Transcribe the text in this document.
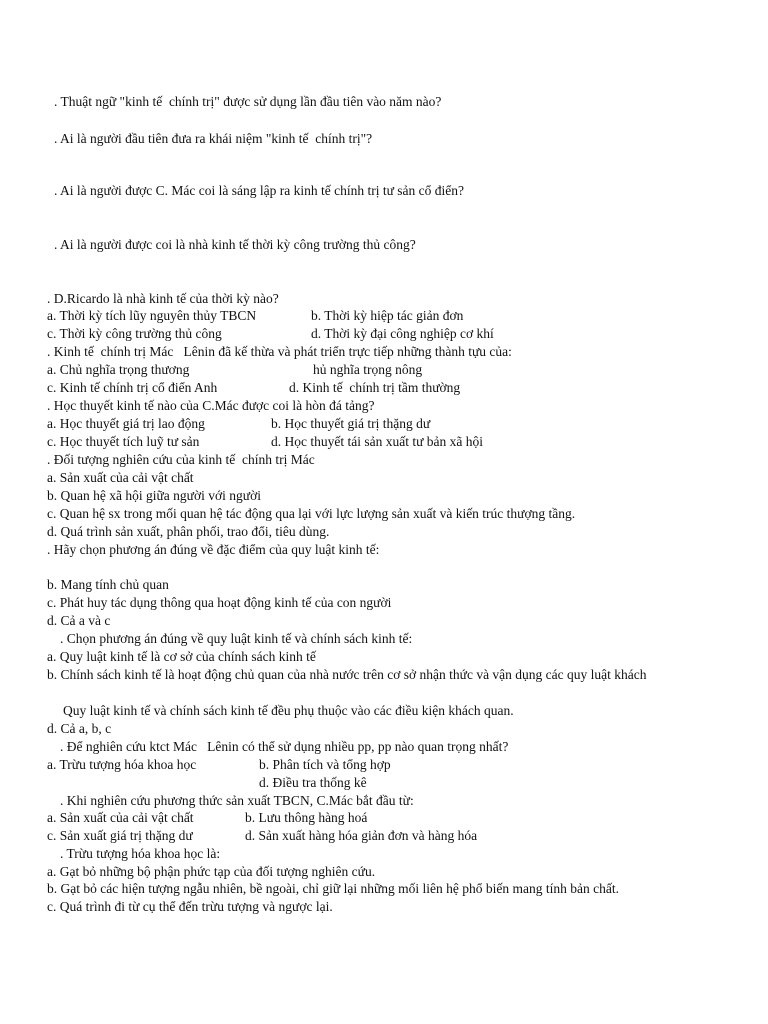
. Thuật ngữ "kinh tế  chính trị" được sử dụng lần đầu tiên vào năm nào?
. Ai là người đầu tiên đưa ra khái niệm "kinh tế  chính trị"?
. Ai là người được C. Mác coi là sáng lập ra kinh tế chính trị tư sản cổ điển?
. Ai là người được coi là nhà kinh tế thời kỳ công trường thủ công?
. D.Ricardo là nhà kinh tế của thời kỳ nào?
a. Thời kỳ tích lũy nguyên thủy TBCN	b. Thời kỳ hiệp tác giản đơn
c. Thời kỳ công trường thủ công	d. Thời kỳ đại công nghiệp cơ khí
. Kinh tế  chính trị Mác   Lênin đã kế thừa và phát triển trực tiếp những thành tựu của:
a. Chủ nghĩa trọng thương	hủ nghĩa trọng nông
c. Kinh tế chính trị cổ điển Anh	d. Kinh tế  chính trị tầm thường
. Học thuyết kinh tế nào của C.Mác được coi là hòn đá tảng?
a. Học thuyết giá trị lao động	b. Học thuyết giá trị thặng dư
c. Học thuyết tích luỹ tư sản	d. Học thuyết tái sản xuất tư bản xã hội
. Đối tượng nghiên cứu của kinh tế  chính trị Mác
a. Sản xuất của cải vật chất
b. Quan hệ xã hội giữa người với người
c. Quan hệ sx trong mối quan hệ tác động qua lại với lực lượng sản xuất và kiến trúc thượng tầng.
d. Quá trình sản xuất, phân phối, trao đổi, tiêu dùng.
. Hãy chọn phương án đúng về đặc điểm của quy luật kinh tế:
b. Mang tính chủ quan
c. Phát huy tác dụng thông qua hoạt động kinh tế của con người
d. Cả a và c
. Chọn phương án đúng về quy luật kinh tế và chính sách kinh tế:
a. Quy luật kinh tế là cơ sở của chính sách kinh tế
b. Chính sách kinh tế là hoạt động chủ quan của nhà nước trên cơ sở nhận thức và vận dụng các quy luật khách
Quy luật kinh tế và chính sách kinh tế đều phụ thuộc vào các điều kiện khách quan.
d. Cả a, b, c
. Để nghiên cứu ktct Mác   Lênin có thể sử dụng nhiều pp, pp nào quan trọng nhất?
a. Trừu tượng hóa khoa học	b. Phân tích và tổng hợp
d. Điều tra thống kê
. Khi nghiên cứu phương thức sản xuất TBCN, C.Mác bắt đầu từ:
a. Sản xuất của cải vật chất	b. Lưu thông hàng hoá
c. Sản xuất giá trị thặng dư	d. Sản xuất hàng hóa giản đơn và hàng hóa
. Trừu tượng hóa khoa học là:
a. Gạt bỏ những bộ phận phức tạp của đối tượng nghiên cứu.
b. Gạt bỏ các hiện tượng ngẫu nhiên, bề ngoài, chỉ giữ lại những mối liên hệ phổ biến mang tính bản chất.
c. Quá trình đi từ cụ thể đến trừu tượng và ngược lại.
